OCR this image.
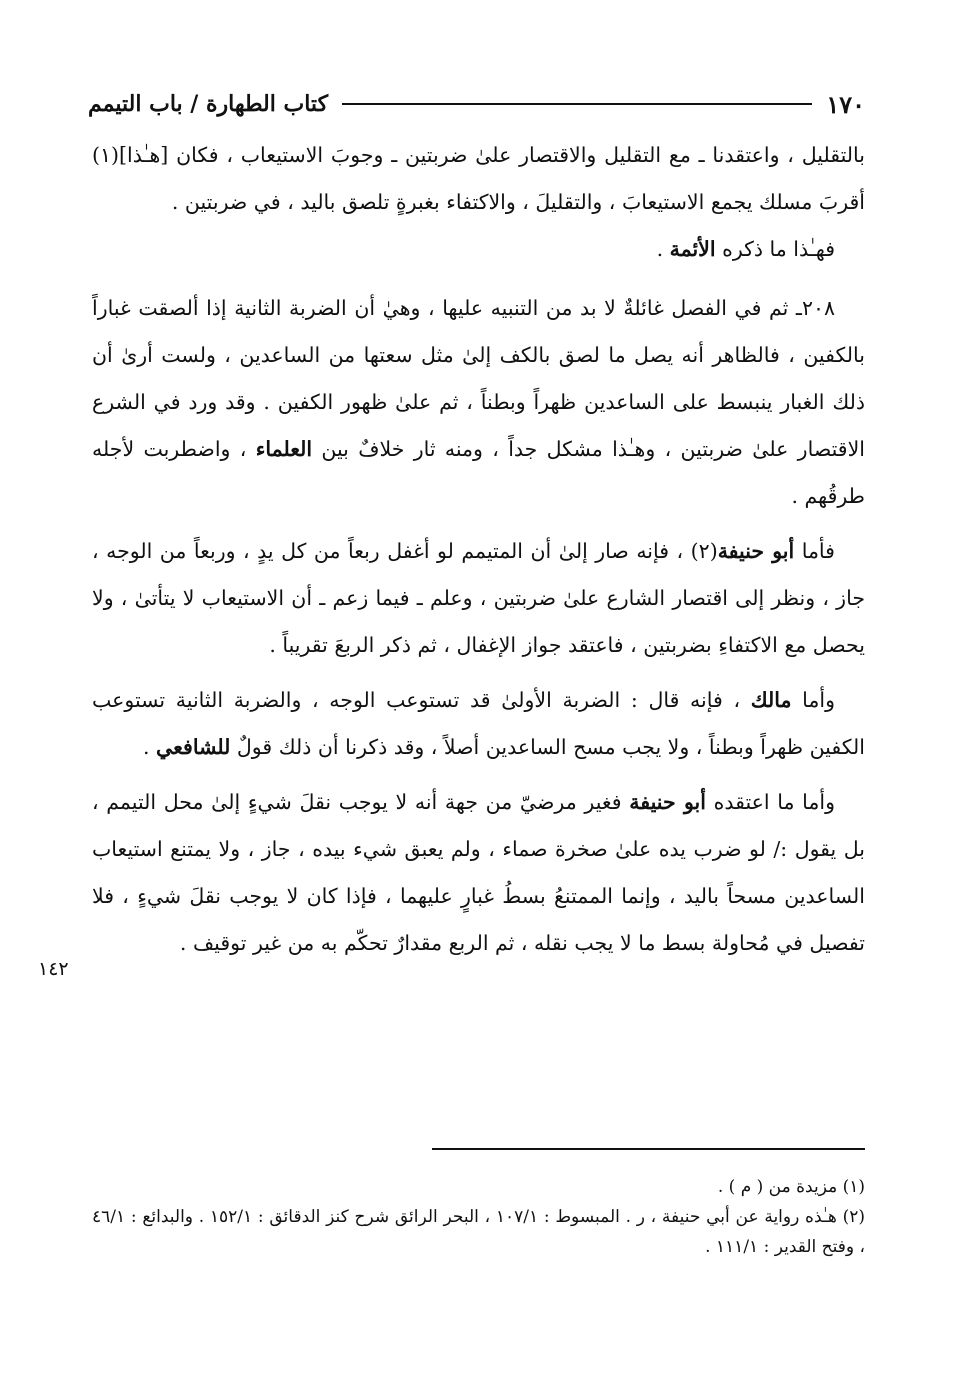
١٧٠
كتاب الطهارة / باب التيمم

بالتقليل ، واعتقدنا ـ مع التقليل والاقتصار علىٰ ضربتين ـ وجوبَ الاستيعاب ، فكان [هـٰذا](١) أقربَ مسلك يجمع الاستيعابَ ، والتقليلَ ، والاكتفاء بغبرةٍ تلصق باليد ، في ضربتين .

فهـٰذا ما ذكره الأئمة .

٢٠٨ـ ثم في الفصل غائلةٌ لا بد من التنبيه عليها ، وهيٰ أن الضربة الثانية إذا ألصقت غباراً بالكفين ، فالظاهر أنه يصل ما لصق بالكف إلىٰ مثل سعتها من الساعدين ، ولست أرىٰ أن ذلك الغبار ينبسط على الساعدين ظهراً وبطناً ، ثم علىٰ ظهور الكفين . وقد ورد في الشرع الاقتصار علىٰ ضربتين ، وهـٰذا مشكل جداً ، ومنه ثار خلافٌ بين العلماء ، واضطربت لأجله طرقُهم .

فأما أبو حنيفة(٢) ، فإنه صار إلىٰ أن المتيمم لو أغفل ربعاً من كل يدٍ ، وربعاً من الوجه ، جاز ، ونظر إلى اقتصار الشارع علىٰ ضربتين ، وعلم ـ فيما زعم ـ أن الاستيعاب لا يتأتىٰ ، ولا يحصل مع الاكتفاءِ بضربتين ، فاعتقد جواز الإغفال ، ثم ذكر الربعَ تقريباً .

وأما مالك ، فإنه قال : الضربة الأولىٰ قد تستوعب الوجه ، والضربة الثانية تستوعب الكفين ظهراً وبطناً ، ولا يجب مسح الساعدين أصلاً ، وقد ذكرنا أن ذلك قولٌ للشافعي .

وأما ما اعتقده أبو حنيفة فغير مرضيّ من جهة أنه لا يوجب نقلَ شيءٍ إلىٰ محل التيمم ، بل يقول :/ لو ضرب يده علىٰ صخرة صماء ، ولم يعبق شيء بيده ، جاز ، ولا يمتنع استيعاب الساعدين مسحاً باليد ، وإنما الممتنعُ بسطُ غبارٍ عليهما ، فإذا كان لا يوجب نقلَ شيءٍ ، فلا تفصيل في مُحاولة بسط ما لا يجب نقله ، ثم الربع مقدارٌ تحكّم به من غير توقيف .

١٤٢

(١) مزيدة من ( م ) .

(٢) هـٰذه رواية عن أبي حنيفة ، ر . المبسوط : ١٠٧/١ ، البحر الرائق شرح كنز الدقائق : ١٥٢/١ . والبدائع : ٤٦/١ ، وفتح القدير : ١١١/١ .
